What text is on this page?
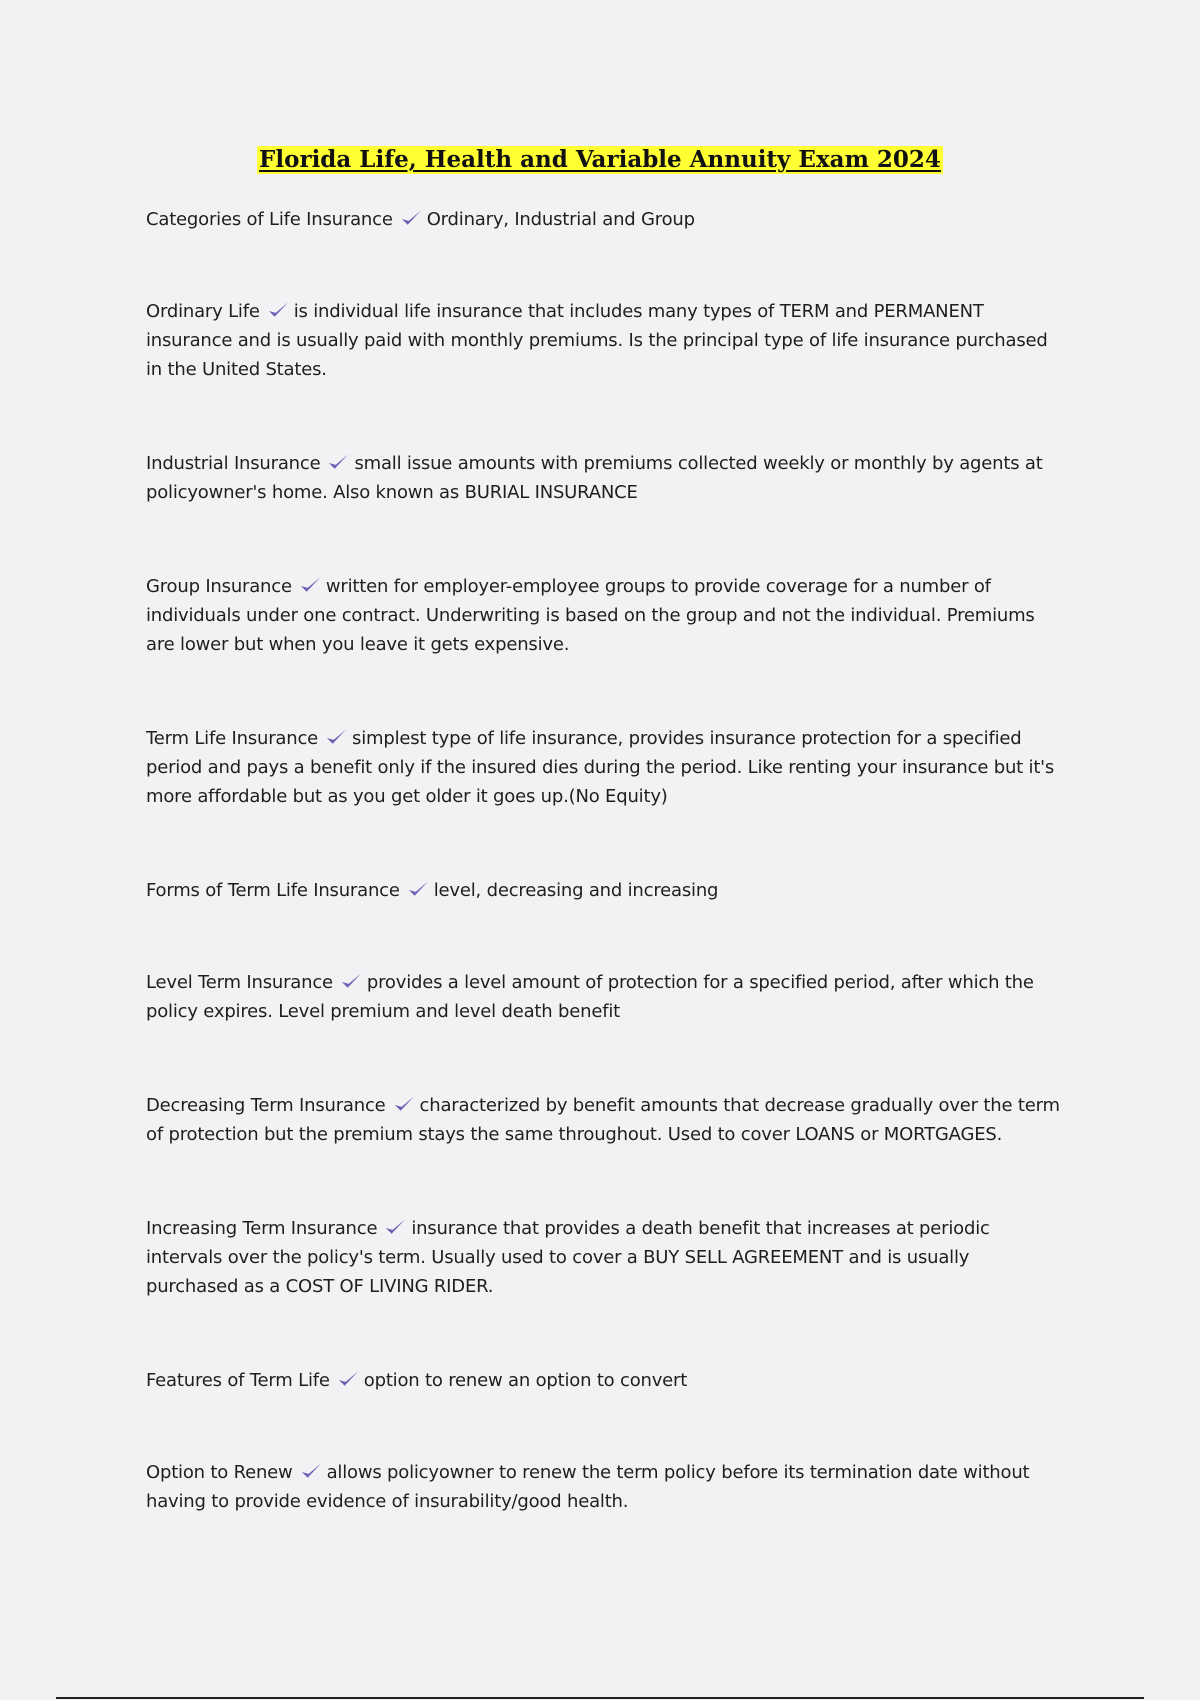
Florida Life, Health and Variable Annuity Exam 2024

Categories of Life Insurance Ordinary, Industrial and Group

Ordinary Life is individual life insurance that includes many types of TERM and PERMANENT insurance and is usually paid with monthly premiums. Is the principal type of life insurance purchased in the United States.

Industrial Insurance small issue amounts with premiums collected weekly or monthly by agents at policyowner's home. Also known as BURIAL INSURANCE

Group Insurance written for employer-employee groups to provide coverage for a number of individuals under one contract. Underwriting is based on the group and not the individual. Premiums are lower but when you leave it gets expensive.

Term Life Insurance simplest type of life insurance, provides insurance protection for a specified period and pays a benefit only if the insured dies during the period. Like renting your insurance but it's more affordable but as you get older it goes up.(No Equity)

Forms of Term Life Insurance level, decreasing and increasing

Level Term Insurance provides a level amount of protection for a specified period, after which the policy expires. Level premium and level death benefit

Decreasing Term Insurance characterized by benefit amounts that decrease gradually over the term of protection but the premium stays the same throughout. Used to cover LOANS or MORTGAGES.

Increasing Term Insurance insurance that provides a death benefit that increases at periodic intervals over the policy's term. Usually used to cover a BUY SELL AGREEMENT and is usually purchased as a COST OF LIVING RIDER.

Features of Term Life option to renew an option to convert

Option to Renew allows policyowner to renew the term policy before its termination date without having to provide evidence of insurability/good health.
